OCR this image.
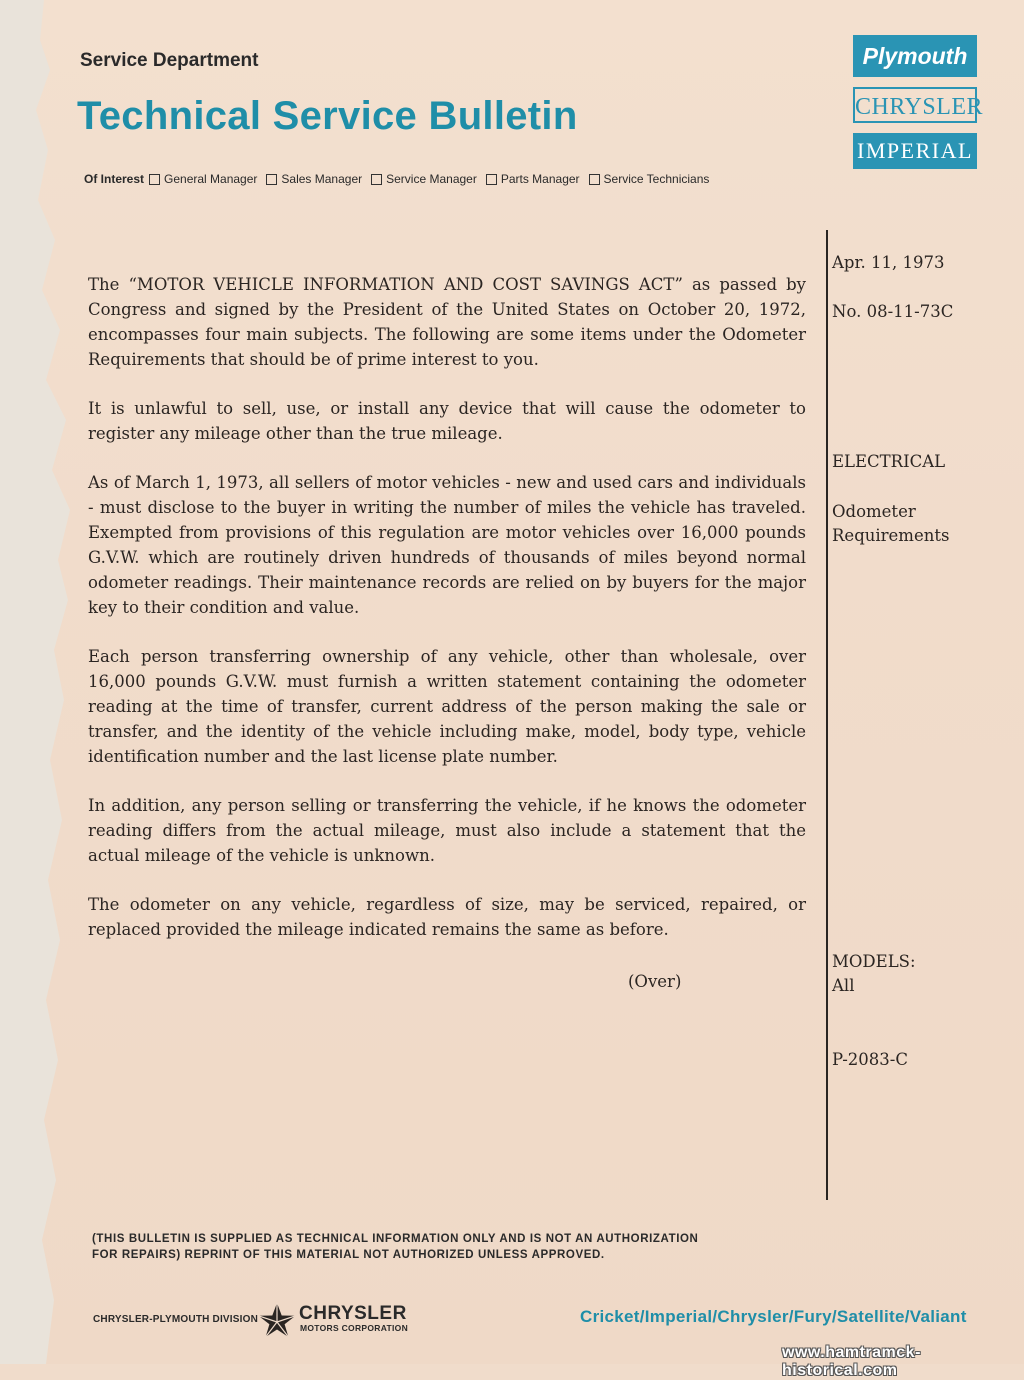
Service Department

Technical Service Bulletin
Of Interest General Manager Sales Manager Service Manager Parts Manager Service Technicians
Plymouth
CHRYSLER
IMPERIAL

Apr. 11, 1973

No. 08-11-73C

ELECTRICAL

Odometer

Requirements

MODELS:

All

P-2083-C

The “MOTOR VEHICLE INFORMATION AND COST SAVINGS ACT” as passed by Congress and signed by the President of the United States on October 20, 1972, encompasses four main subjects. The following are some items under the Odometer Requirements that should be of prime interest to you.

It is unlawful to sell, use, or install any device that will cause the odometer to register any mileage other than the true mileage.

As of March 1, 1973, all sellers of motor vehicles - new and used cars and individuals - must disclose to the buyer in writing the number of miles the vehicle has traveled. Exempted from provisions of this regulation are motor vehicles over 16,000 pounds G.V.W. which are routinely driven hundreds of thousands of miles beyond normal odometer readings. Their maintenance records are relied on by buyers for the major key to their condition and value.

Each person transferring ownership of any vehicle, other than wholesale, over 16,000 pounds G.V.W. must furnish a written statement containing the odometer reading at the time of transfer, current address of the person making the sale or transfer, and the identity of the vehicle including make, model, body type, vehicle identification number and the last license plate number.

In addition, any person selling or transferring the vehicle, if he knows the odometer reading differs from the actual mileage, must also include a statement that the actual mileage of the vehicle is unknown.

The odometer on any vehicle, regardless of size, may be serviced, repaired, or replaced provided the mileage indicated remains the same as before.

(Over)

(THIS BULLETIN IS SUPPLIED AS TECHNICAL INFORMATION ONLY AND IS NOT AN AUTHORIZATION
FOR REPAIRS) REPRINT OF THIS MATERIAL NOT AUTHORIZED UNLESS APPROVED.

CHRYSLER-PLYMOUTH DIVISION CHRYSLER

MOTORS CORPORATION

Cricket/Imperial/Chrysler/Fury/Satellite/Valiant

www.hamtramck-historical.com
